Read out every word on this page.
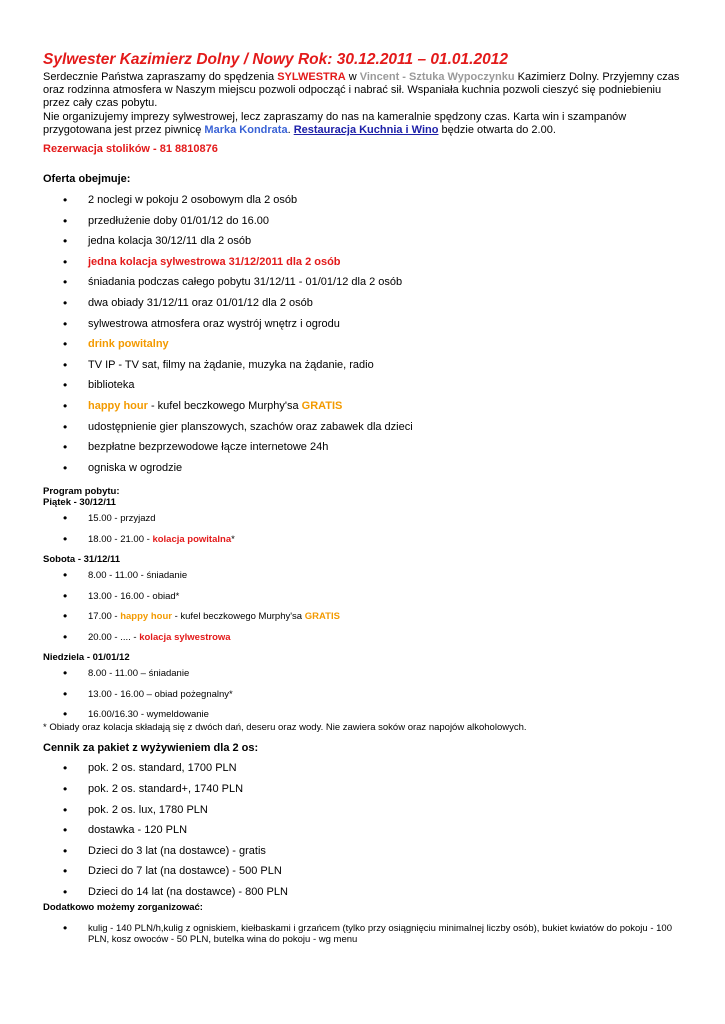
Sylwester Kazimierz Dolny / Nowy Rok: 30.12.2011 – 01.01.2012

Serdecznie Państwa zapraszamy do spędzenia SYLWESTRA w Vincent - Sztuka Wypoczynku Kazimierz Dolny. Przyjemny czas oraz rodzinna atmosfera w Naszym miejscu pozwoli odpocząć i nabrać sił. Wspaniała kuchnia pozwoli cieszyć się podniebieniu przez cały czas pobytu.

Nie organizujemy imprezy sylwestrowej, lecz zapraszamy do nas na kameralnie spędzony czas. Karta win i szampanów przygotowana jest przez piwnicę Marka Kondrata. Restauracja Kuchnia i Wino będzie otwarta do 2.00.

Rezerwacja stolików - 81 8810876

Oferta obejmuje:

• 2 noclegi w pokoju 2 osobowym dla 2 osób
• przedłużenie doby 01/01/12 do 16.00
• jedna kolacja 30/12/11 dla 2 osób
• jedna kolacja sylwestrowa 31/12/2011 dla 2 osób
• śniadania podczas całego pobytu 31/12/11 - 01/01/12 dla 2 osób
• dwa obiady 31/12/11 oraz 01/01/12 dla 2 osób
• sylwestrowa atmosfera oraz wystrój wnętrz i ogrodu
• drink powitalny
• TV IP - TV sat, filmy na żądanie, muzyka na żądanie, radio
• biblioteka
• happy hour - kufel beczkowego Murphy'sa GRATIS
• udostępnienie gier planszowych, szachów oraz zabawek dla dzieci
• bezpłatne bezprzewodowe łącze internetowe 24h
• ogniska w ogrodzie

Program pobytu:

Piątek - 30/12/11

• 15.00 - przyjazd
• 18.00 - 21.00 - kolacja powitalna*

Sobota - 31/12/11

• 8.00 - 11.00 - śniadanie
• 13.00 - 16.00 - obiad*
• 17.00 - happy hour - kufel beczkowego Murphy'sa GRATIS
• 20.00 - .... - kolacja sylwestrowa

Niedziela - 01/01/12

• 8.00 - 11.00 – śniadanie
• 13.00 - 16.00 – obiad pożegnalny*
• 16.00/16.30 - wymeldowanie

* Obiady oraz kolacja składają się z dwóch dań, deseru oraz wody. Nie zawiera soków oraz napojów alkoholowych.

Cennik za pakiet z wyżywieniem dla 2 os:

• pok. 2 os. standard, 1700 PLN
• pok. 2 os. standard+, 1740 PLN
• pok. 2 os. lux, 1780 PLN
• dostawka - 120 PLN
• Dzieci do 3 lat (na dostawce) - gratis
• Dzieci do 7 lat (na dostawce) - 500 PLN
• Dzieci do 14 lat (na dostawce) - 800 PLN

Dodatkowo możemy zorganizować:

• kulig - 140 PLN/h,kulig z ogniskiem, kiełbaskami i grzańcem (tylko przy osiągnięciu minimalnej liczby osób), bukiet kwiatów do pokoju - 100 PLN, kosz owoców - 50 PLN, butelka wina do pokoju - wg menu
